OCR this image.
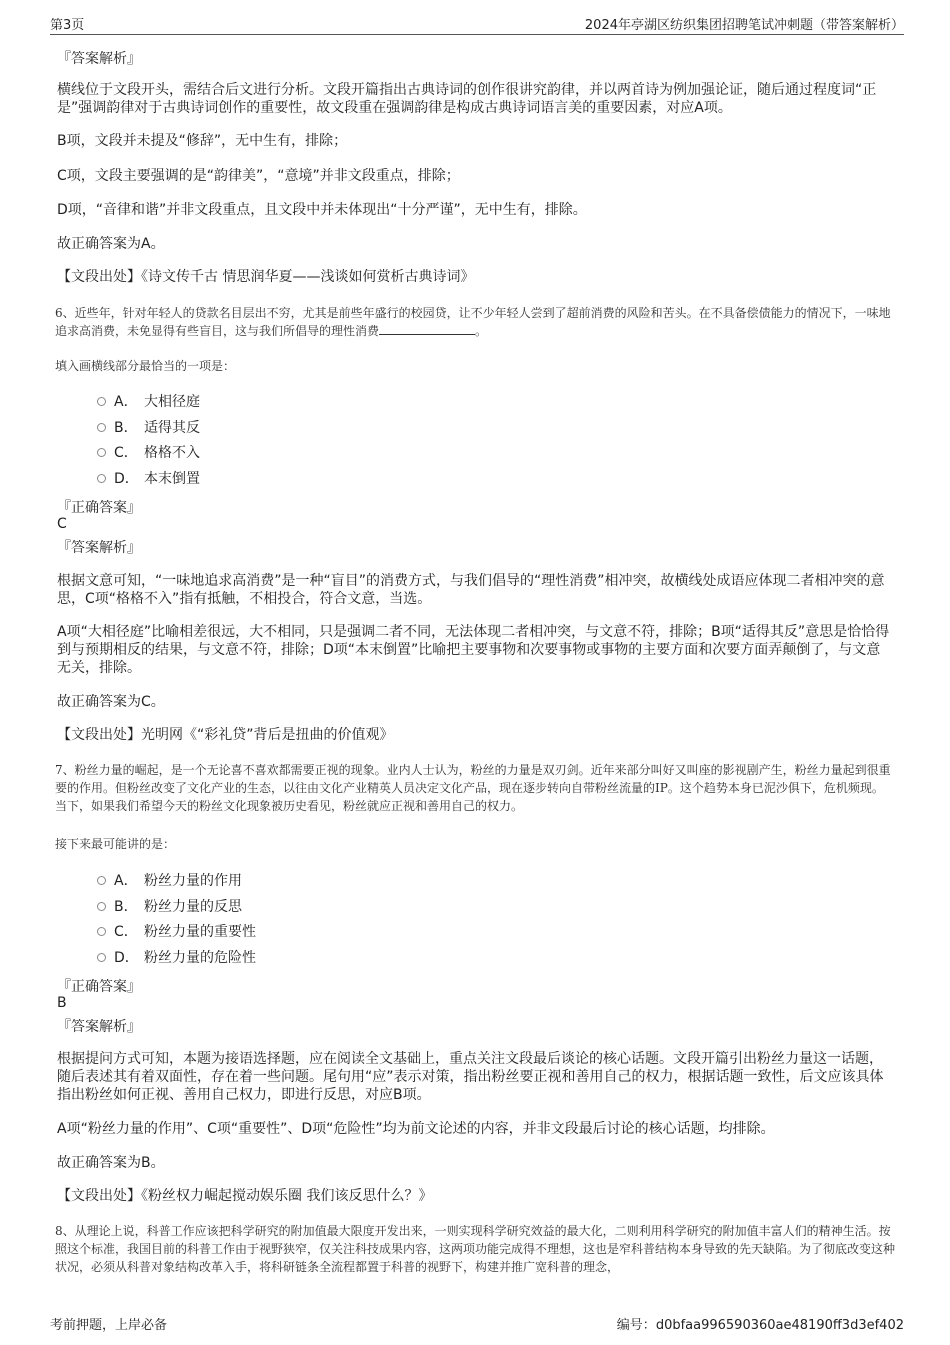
第3页	2024年亭湖区纺织集团招聘笔试冲刺题（带答案解析）

『答案解析』

横线位于文段开头，需结合后文进行分析。文段开篇指出古典诗词的创作很讲究韵律，并以两首诗为例加强论证，随后通过程度词“正是”强调韵律对于古典诗词创作的重要性，故文段重在强调韵律是构成古典诗词语言美的重要因素，对应A项。

B项，文段并未提及“修辞”，无中生有，排除；

C项，文段主要强调的是“韵律美”，“意境”并非文段重点，排除；

D项，“音律和谐”并非文段重点，且文段中并未体现出“十分严谨”，无中生有，排除。

故正确答案为A。

【文段出处】《诗文传千古 情思润华夏——浅谈如何赏析古典诗词》

6、近些年，针对年轻人的贷款名目层出不穷，尤其是前些年盛行的校园贷，让不少年轻人尝到了超前消费的风险和苦头。在不具备偿债能力的情况下，一味地追求高消费，未免显得有些盲目，这与我们所倡导的理性消费	。

填入画横线部分最恰当的一项是：

A． 大相径庭
B． 适得其反
C． 格格不入
D． 本末倒置

『正确答案』

C

『答案解析』

根据文意可知，“一味地追求高消费”是一种“盲目”的消费方式，与我们倡导的“理性消费”相冲突，故横线处成语应体现二者相冲突的意思，C项“格格不入”指有抵触，不相投合，符合文意，当选。

A项“大相径庭”比喻相差很远，大不相同，只是强调二者不同，无法体现二者相冲突，与文意不符，排除；B项“适得其反”意思是恰恰得到与预期相反的结果，与文意不符，排除；D项“本末倒置”比喻把主要事物和次要事物或事物的主要方面和次要方面弄颠倒了，与文意无关，排除。

故正确答案为C。

【文段出处】光明网《“彩礼贷”背后是扭曲的价值观》

7、粉丝力量的崛起，是一个无论喜不喜欢都需要正视的现象。业内人士认为，粉丝的力量是双刃剑。近年来部分叫好又叫座的影视剧产生，粉丝力量起到很重要的作用。但粉丝改变了文化产业的生态，以往由文化产业精英人员决定文化产品，现在逐步转向自带粉丝流量的IP。这个趋势本身已泥沙俱下，危机频现。当下，如果我们希望今天的粉丝文化现象被历史看见，粉丝就应正视和善用自己的权力。

接下来最可能讲的是：

A． 粉丝力量的作用
B． 粉丝力量的反思
C． 粉丝力量的重要性
D． 粉丝力量的危险性

『正确答案』

B

『答案解析』

根据提问方式可知，本题为接语选择题，应在阅读全文基础上，重点关注文段最后谈论的核心话题。文段开篇引出粉丝力量这一话题，随后表述其有着双面性，存在着一些问题。尾句用“应”表示对策，指出粉丝要正视和善用自己的权力，根据话题一致性，后文应该具体指出粉丝如何正视、善用自己权力，即进行反思，对应B项。

A项“粉丝力量的作用”、C项“重要性”、D项“危险性”均为前文论述的内容，并非文段最后讨论的核心话题，均排除。

故正确答案为B。

【文段出处】《粉丝权力崛起搅动娱乐圈 我们该反思什么？》

8、从理论上说，科普工作应该把科学研究的附加值最大限度开发出来，一则实现科学研究效益的最大化，二则利用科学研究的附加值丰富人们的精神生活。按照这个标准，我国目前的科普工作由于视野狭窄，仅关注科技成果内容，这两项功能完成得不理想，这也是窄科普结构本身导致的先天缺陷。为了彻底改变这种状况，必须从科普对象结构改革入手，将科研链条全流程都置于科普的视野下，构建并推广宽科普的理念，

考前押题，上岸必备	编号：d0bfaa996590360ae48190ff3d3ef402
